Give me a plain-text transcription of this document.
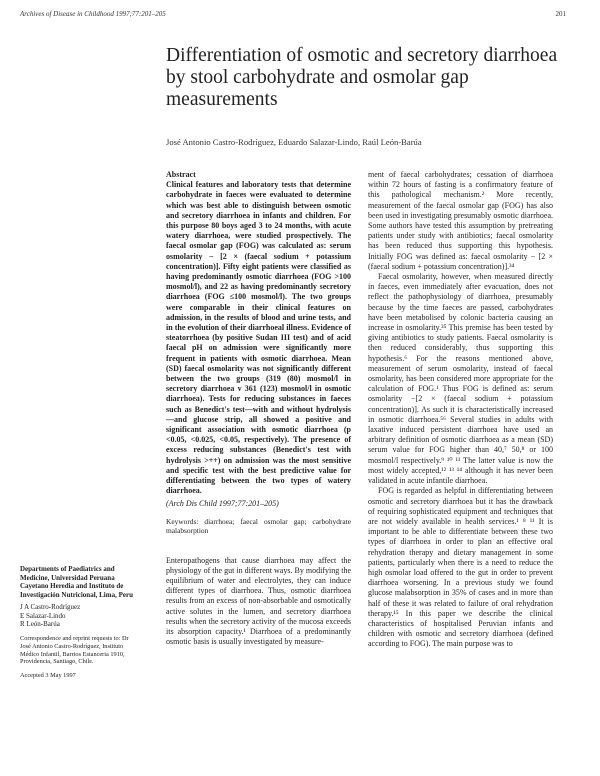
Archives of Disease in Childhood 1997;77:201–205	201
Differentiation of osmotic and secretory diarrhoea by stool carbohydrate and osmolar gap measurements
José Antonio Castro-Rodríguez, Eduardo Salazar-Lindo, Raúl León-Barúa

Abstract

Clinical features and laboratory tests that determine carbohydrate in faeces were evaluated to determine which was best able to distinguish between osmotic and secretory diarrhoea in infants and children. For this purpose 80 boys aged 3 to 24 months, with acute watery diarrhoea, were studied prospectively. The faecal osmolar gap (FOG) was calculated as: serum osmolarity − [2 × (faecal sodium + potassium concentration)]. Fifty eight patients were classified as having predominantly osmotic diarrhoea (FOG >100 mosmol/l), and 22 as having predominantly secretory diarrhoea (FOG ≤100 mosmol/l). The two groups were comparable in their clinical features on admission, in the results of blood and urine tests, and in the evolution of their diarrhoeal illness. Evidence of steatorrhoea (by positive Sudan III test) and of acid faecal pH on admission were significantly more frequent in patients with osmotic diarrhoea. Mean (SD) faecal osmolarity was not significantly different between the two groups (319 (80) mosmol/l in secretory diarrhoea v 361 (123) mosmol/l in osmotic diarrhoea). Tests for reducing substances in faeces such as Benedict's test—with and without hydrolysis—and glucose strip, all showed a positive and significant association with osmotic diarrhoea (p <0.05, <0.025, <0.05, respectively). The presence of excess reducing substances (Benedict's test with hydrolysis >++) on admission was the most sensitive and specific test with the best predictive value for differentiating between the two types of watery diarrhoea.

(Arch Dis Child 1997;77:201–205)

Keywords: diarrhoea; faecal osmolar gap; carbohydrate malabsorption

Enteropathogens that cause diarrhoea may affect the physiology of the gut in different ways. By modifying the equilibrium of water and electrolytes, they can induce different types of diarrhoea. Thus, osmotic diarrhoea results from an excess of non-absorbable and osmotically active solutes in the lumen, and secretory diarrhoea results when the secretory activity of the mucosa exceeds its absorption capacity.¹ Diarrhoea of a predominantly osmotic basis is usually investigated by measure-

ment of faecal carbohydrates; cessation of diarrhoea within 72 hours of fasting is a confirmatory feature of this pathological mechanism.² More recently, measurement of the faecal osmolar gap (FOG) has also been used in investigating presumably osmotic diarrhoea. Some authors have tested this assumption by pretreating patients under study with antibiotics; faecal osmolarity has been reduced thus supporting this hypothesis. Initially FOG was defined as: faecal osmolarity − [2 × (faecal sodium + potassium concentration)].³⁴

Faecal osmolarity, however, when measured directly in faeces, even immediately after evacuation, does not reflect the pathophysiology of diarrhoea, presumably because by the time faeces are passed, carbohydrates have been metabolised by colonic bacteria causing an increase in osmolarity.³⁵ This premise has been tested by giving antibiotics to study patients. Faecal osmolarity is then reduced considerably, thus supporting this hypothesis.⁶ For the reasons mentioned above, measurement of serum osmolarity, instead of faecal osmolarity, has been considered more appropriate for the calculation of FOG.¹ Thus FOG is defined as: serum osmolarity −[2 × (faecal sodium + potassium concentration)]. As such it is characteristically increased in osmotic diarrhoea.⁵⁶ Several studies in adults with laxative induced persistent diarrhoea have used an arbitrary definition of osmotic diarrhoea as a mean (SD) serum value for FOG higher than 40,⁷ 50,⁸ or 100 mosmol/l respectively.⁹ ¹⁰ ¹¹ The latter value is now the most widely accepted,¹² ¹³ ¹⁴ although it has never been validated in acute infantile diarrhoea.

FOG is regarded as helpful in differentiating between osmotic and secretory diarrhoea but it has the drawback of requiring sophisticated equipment and techniques that are not widely available in health services.¹ ⁸ ¹¹ It is important to be able to differentiate between these two types of diarrhoea in order to plan an effective oral rehydration therapy and dietary management in some patients, particularly when there is a need to reduce the high osmolar load offered to the gut in order to prevent diarrhoea worsening. In a previous study we found glucose malabsorption in 35% of cases and in more than half of these it was related to failure of oral rehydration therapy.¹⁵ In this paper we describe the clinical characteristics of hospitalised Peruvian infants and children with osmotic and secretory diarrhoea (defined according to FOG). The main purpose was to

Departments of Paediatrics and Medicine, Universidad Peruana Cayetano Heredia and Instituto de Investigación Nutricional, Lima, Peru
J A Castro-Rodríguez
E Salazar-Lindo
R León-Barúa
Correspondence and reprint requests to: Dr José Antonio Castro-Rodríguez, Instituto Médico Infantil, Barrios Estanceria 1910, Providencia, Santiago, Chile.
Accepted 3 May 1997
